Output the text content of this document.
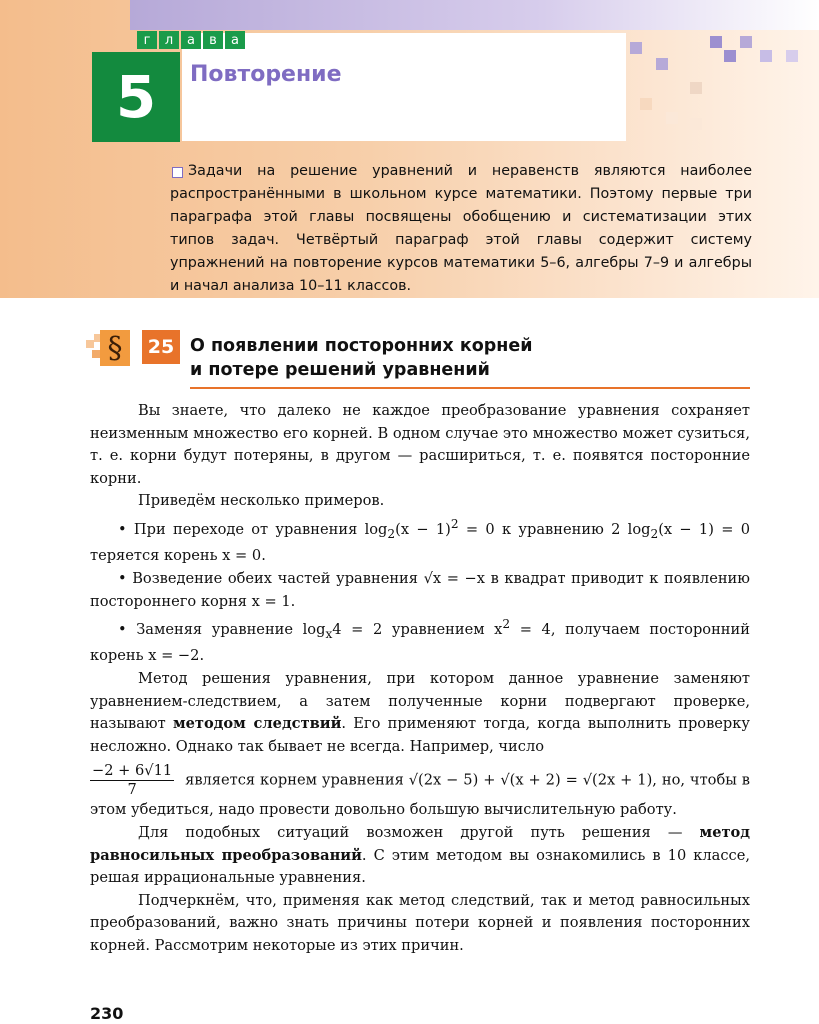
г	л	а	в	а
5	Повторение
Задачи на решение уравнений и неравенств являются наиболее распространёнными в школьном курсе математики. Поэтому первые три параграфа этой главы посвящены обобщению и систематизации этих типов задач. Четвёртый параграф этой главы содержит систему упражнений на повторение курсов математики 5–6, алгебры 7–9 и алгебры и начал анализа 10–11 классов.
§	25 О появлении посторонних корней
и потере решений уравнений

Вы знаете, что далеко не каждое преобразование уравнения сохраняет неизменным множество его корней. В одном случае это множество может сузиться, т. е. корни будут потеряны, в другом — расшириться, т. е. появятся посторонние корни.

Приведём несколько примеров.

• При переходе от уравнения $\log_2(x - 1)^2 = 0$ к уравнению 2 $\log_2(x - 1) = 0$ теряется корень x = 0.

• Возведение обеих частей уравнения √x = −x в квадрат приводит к появлению постороннего корня x = 1.

• Заменяя уравнение $\log_x4 = 2$ уравнением $x^2 = 4$, получаем посторонний корень x = −2.

Метод решения уравнения, при котором данное уравнение заменяют уравнением-следствием, а затем полученные корни подвергают проверке, называют методом следствий. Его применяют тогда, когда выполнить проверку несложно. Однако так бывает не всегда. Например, число

$\frac{-2 + 6√11}{7}$ является корнем уравнения √(2x − 5) + √(x + 2) = √(2x + 1), но, чтобы в этом убедиться, надо провести довольно большую вычислительную работу.

Для подобных ситуаций возможен другой путь решения — метод равносильных преобразований. С этим методом вы ознакомились в 10 классе, решая иррациональные уравнения.

Подчеркнём, что, применяя как метод следствий, так и метод равносильных преобразований, важно знать причины потери корней и появления посторонних корней. Рассмотрим некоторые из этих причин.

230
